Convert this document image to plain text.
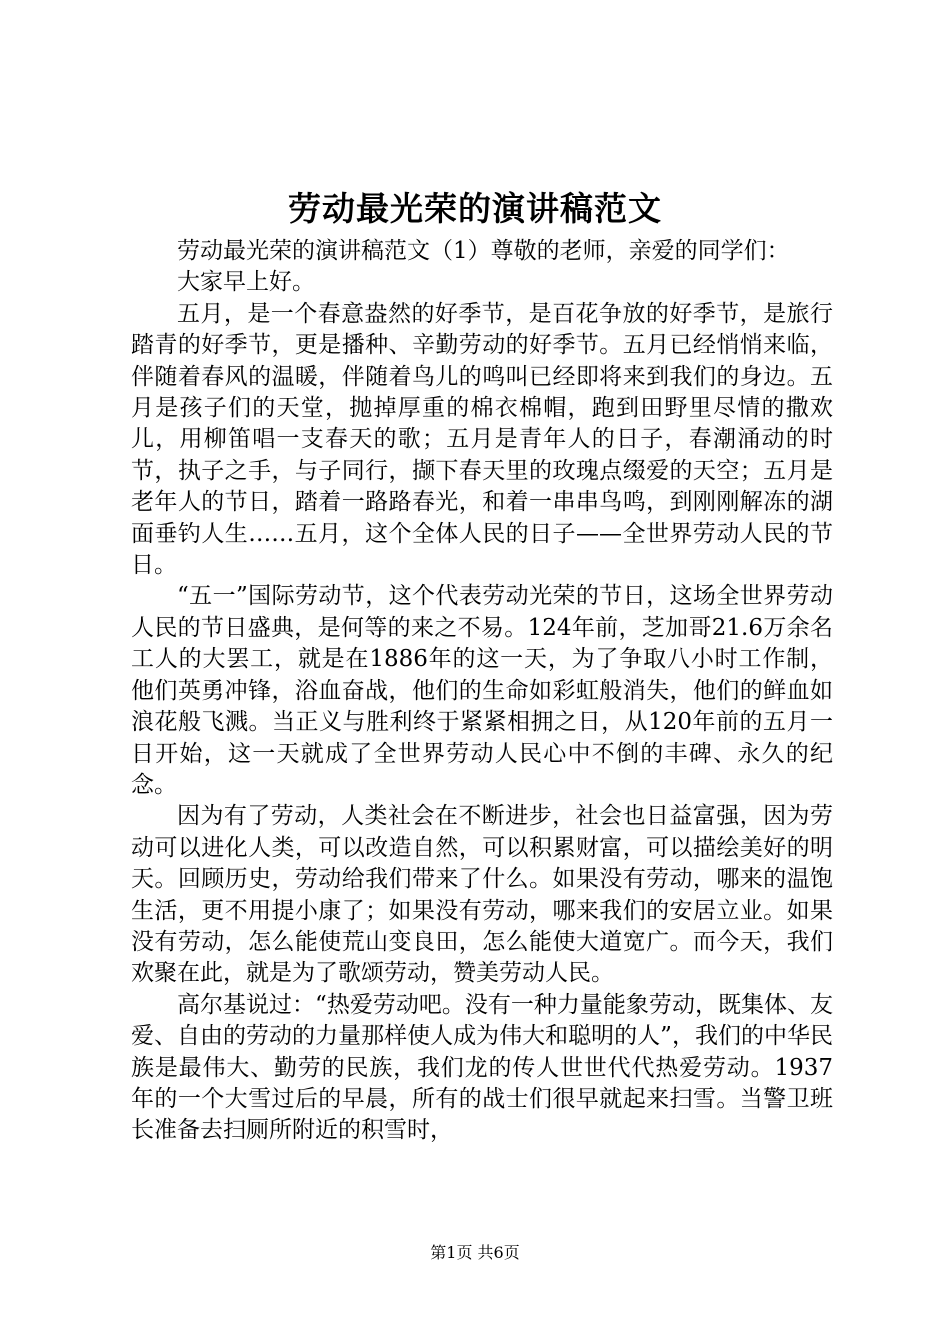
劳动最光荣的演讲稿范文

劳动最光荣的演讲稿范文（1）尊敬的老师，亲爱的同学们：

大家早上好。

五月，是一个春意盎然的好季节，是百花争放的好季节，是旅行踏青的好季节，更是播种、辛勤劳动的好季节。五月已经悄悄来临，伴随着春风的温暖，伴随着鸟儿的鸣叫已经即将来到我们的身边。五月是孩子们的天堂，抛掉厚重的棉衣棉帽，跑到田野里尽情的撒欢儿，用柳笛唱一支春天的歌；五月是青年人的日子，春潮涌动的时节，执子之手，与子同行，撷下春天里的玫瑰点缀爱的天空；五月是老年人的节日，踏着一路路春光，和着一串串鸟鸣，到刚刚解冻的湖面垂钓人生……五月，这个全体人民的日子——全世界劳动人民的节日。

“五一”国际劳动节，这个代表劳动光荣的节日，这场全世界劳动人民的节日盛典，是何等的来之不易。124年前，芝加哥21.6万余名工人的大罢工，就是在1886年的这一天，为了争取八小时工作制，他们英勇冲锋，浴血奋战，他们的生命如彩虹般消失，他们的鲜血如浪花般飞溅。当正义与胜利终于紧紧相拥之日，从120年前的五月一日开始，这一天就成了全世界劳动人民心中不倒的丰碑、永久的纪念。

因为有了劳动，人类社会在不断进步，社会也日益富强，因为劳动可以进化人类，可以改造自然，可以积累财富，可以描绘美好的明天。回顾历史，劳动给我们带来了什么。如果没有劳动，哪来的温饱生活，更不用提小康了；如果没有劳动，哪来我们的安居立业。如果没有劳动，怎么能使荒山变良田，怎么能使大道宽广。而今天，我们欢聚在此，就是为了歌颂劳动，赞美劳动人民。

高尔基说过：“热爱劳动吧。没有一种力量能象劳动，既集体、友爱、自由的劳动的力量那样使人成为伟大和聪明的人”，我们的中华民族是最伟大、勤劳的民族，我们龙的传人世世代代热爱劳动。1937年的一个大雪过后的早晨，所有的战士们很早就起来扫雪。当警卫班长准备去扫厕所附近的积雪时，

第1页 共6页
